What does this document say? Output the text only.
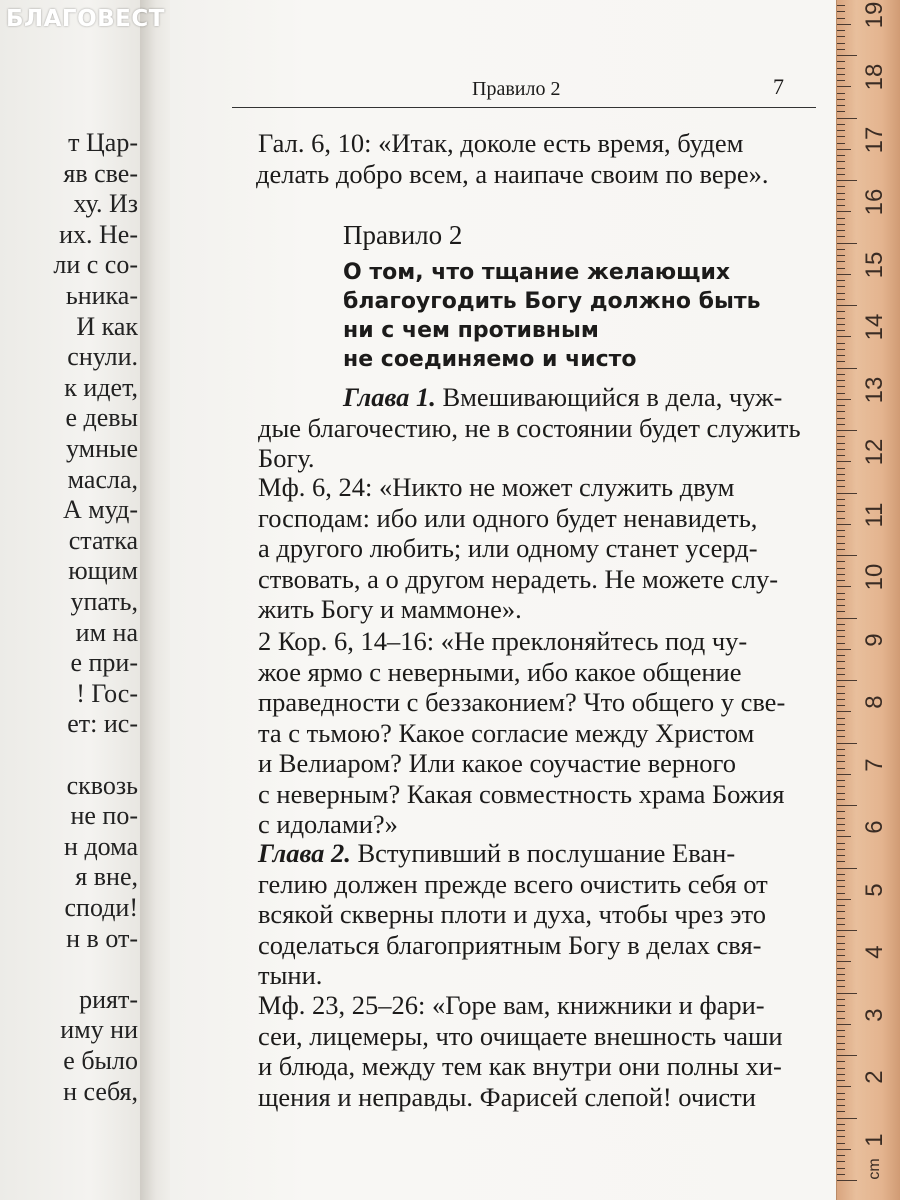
т Цар-
яв све-
ху. Из
их. Не-
ли с со-
ьника-
И как
снули.
к идет,
е девы
умные
масла,
А муд-
статка
ющим
упать,
им на
е при-
! Гос-
ет: ис-
сквозь
не по-
н дома
я вне,
споди!
н в от-
рият-
иму ни
е было
н себя,
БЛАГОВЕСТ
Правило 2	7
Гал. 6, 10: «Итак, доколе есть время, будем
делать добро всем, а наипаче своим по вере».
Правило 2
О том, что тщание желающих
благоугодить Богу должно быть
ни с чем противным
не соединяемо и чисто
Глава 1. Вмешивающийся в дела, чуж-
дые благочестию, не в состоянии будет служить
Богу.
Мф. 6, 24: «Никто не может служить двум
господам: ибо или одного будет ненавидеть,
а другого любить; или одному станет усерд-
ствовать, а о другом нерадеть. Не можете слу-
жить Богу и маммоне».
2 Кор. 6, 14–16: «Не преклоняйтесь под чу-
жое ярмо с неверными, ибо какое общение
праведности с беззаконием? Что общего у све-
та с тьмою? Какое согласие между Христом
и Велиаром? Или какое соучастие верного
с неверным? Какая совместность храма Божия
с идолами?»
Глава 2. Вступивший в послушание Еван-
гелию должен прежде всего очистить себя от
всякой скверны плоти и духа, чтобы чрез это
соделаться благоприятным Богу в делах свя-
тыни.
Мф. 23, 25–26: «Горе вам, книжники и фари-
сеи, лицемеры, что очищаете внешность чаши
и блюда, между тем как внутри они полны хи-
щения и неправды. Фарисей слепой! очисти
1
2
3
4
5
6
7
8
9
10
11
12
13
14
15
16
17
18
19
cm
